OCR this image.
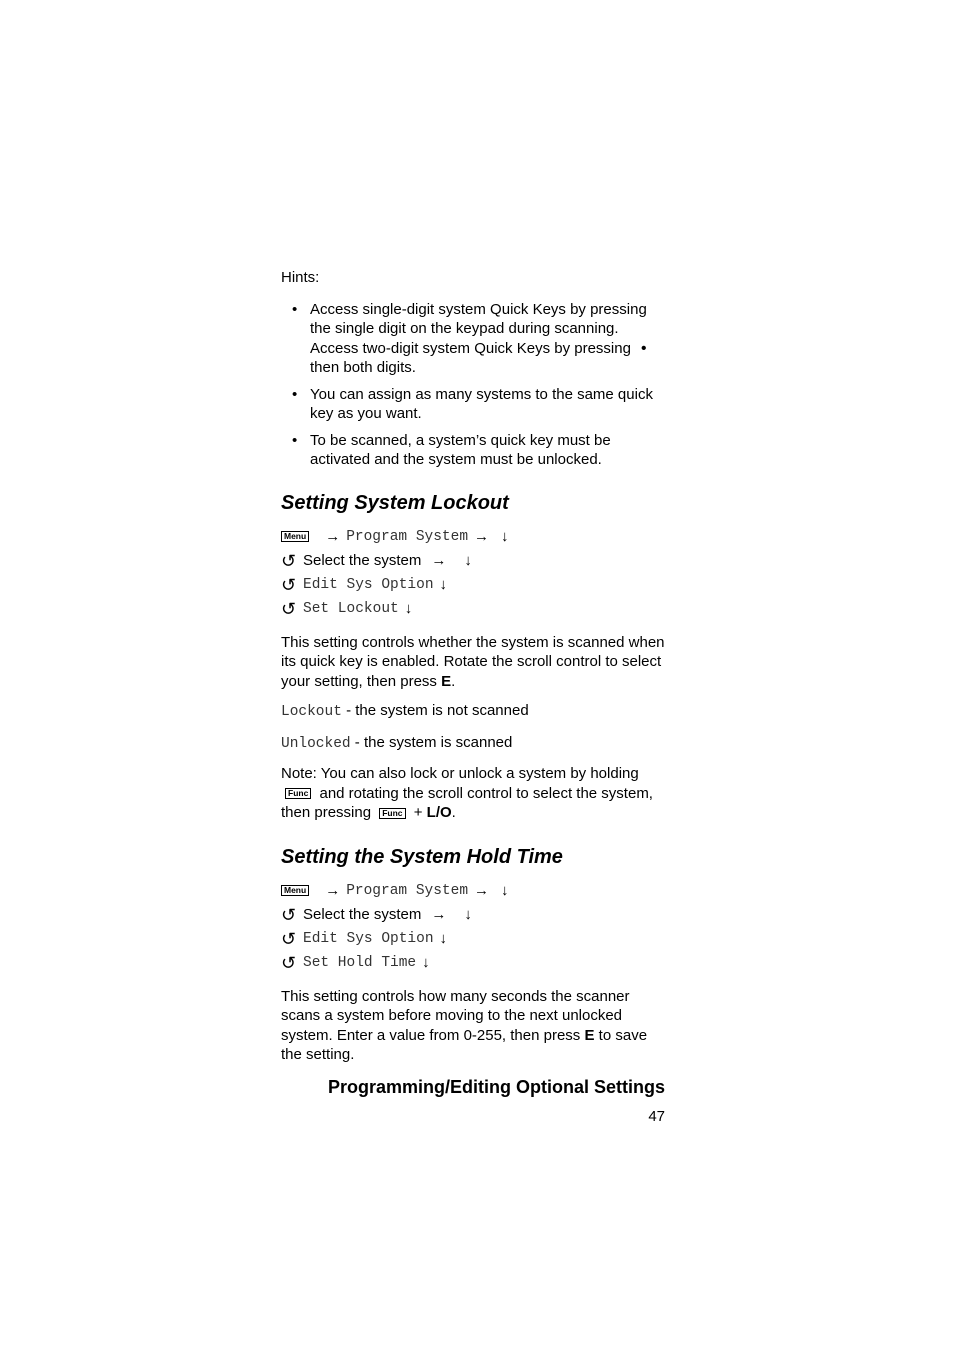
Hints:

• Access single-digit system Quick Keys by pressing the single digit on the keypad during scanning. Access two-digit system Quick Keys by pressing • then both digits.
• You can assign as many systems to the same quick key as you want.
• To be scanned, a system’s quick key must be activated and the system must be unlocked.
Setting System Lockout
Menu → Program System → ↓
↺ Select the system → ↓
↺ Edit Sys Option ↓
↺ Set Lockout ↓

This setting controls whether the system is scanned when its quick key is enabled. Rotate the scroll control to select your setting, then press E.

Lockout - the system is not scanned

Unlocked - the system is scanned

Note: You can also lock or unlock a system by holding Func and rotating the scroll control to select the system, then pressing Func + L/O.

Setting the System Hold Time
Menu → Program System → ↓
↺ Select the system → ↓
↺ Edit Sys Option ↓
↺ Set Hold Time ↓

This setting controls how many seconds the scanner scans a system before moving to the next unlocked system. Enter a value from 0-255, then press E to save the setting.

Programming/Editing Optional Settings
47
